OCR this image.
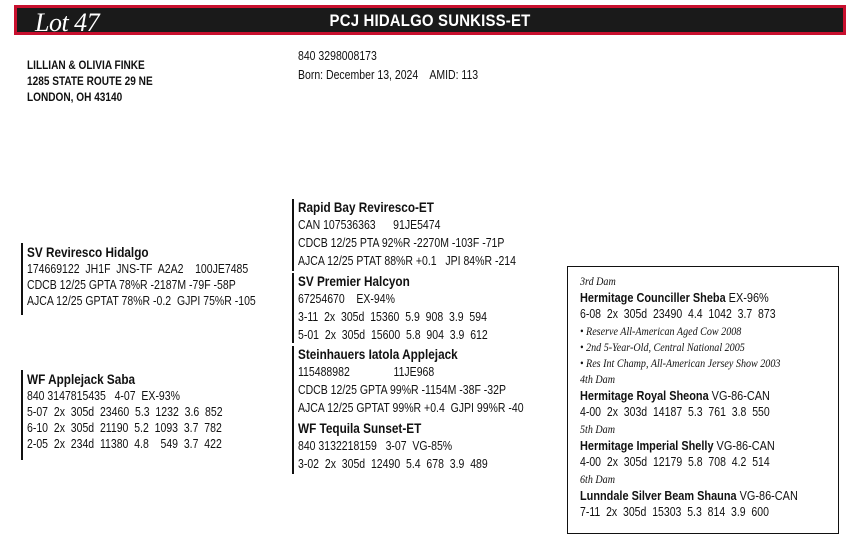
Lot 47	PCJ HIDALGO SUNKISS-ET
LILLIAN & OLIVIA FINKE
1285 STATE ROUTE 29 NE
LONDON, OH 43140
840 3298008173
Born: December 13, 2024    AMID: 113
SV Reviresco Hidalgo
174669122  JH1F  JNS-TF  A2A2    100JE7485
CDCB 12/25 GPTA 78%R -2187M -79F -58P
AJCA 12/25 GPTAT 78%R -0.2  GJPI 75%R -105
WF Applejack Saba
840 3147815435   4-07  EX-93%
5-07  2x  305d  23460  5.3  1232  3.6  852
6-10  2x  305d  21190  5.2  1093  3.7  782
2-05  2x  234d  11380  4.8    549  3.7  422
Rapid Bay Reviresco-ET
CAN 107536363      91JE5474
CDCB 12/25 PTA 92%R -2270M -103F -71P
AJCA 12/25 PTAT 88%R +0.1   JPI 84%R -214
SV Premier Halcyon
67254670    EX-94%
3-11  2x  305d  15360  5.9  908  3.9  594
5-01  2x  305d  15600  5.8  904  3.9  612
Steinhauers Iatola Applejack
115488982               11JE968
CDCB 12/25 GPTA 99%R -1154M -38F -32P
AJCA 12/25 GPTAT 99%R +0.4  GJPI 99%R -40
WF Tequila Sunset-ET
840 3132218159   3-07  VG-85%
3-02  2x  305d  12490  5.4  678  3.9  489
3rd Dam
Hermitage Counciller Sheba EX-96%
6-08  2x  305d  23490  4.4  1042  3.7  873
• Reserve All-American Aged Cow 2008
• 2nd 5-Year-Old, Central National 2005
• Res Int Champ, All-American Jersey Show 2003
4th Dam
Hermitage Royal Sheona VG-86-CAN
4-00  2x  303d  14187  5.3  761  3.8  550
5th Dam
Hermitage Imperial Shelly VG-86-CAN
4-00  2x  305d  12179  5.8  708  4.2  514
6th Dam
Lunndale Silver Beam Shauna VG-86-CAN
7-11  2x  305d  15303  5.3  814  3.9  600
